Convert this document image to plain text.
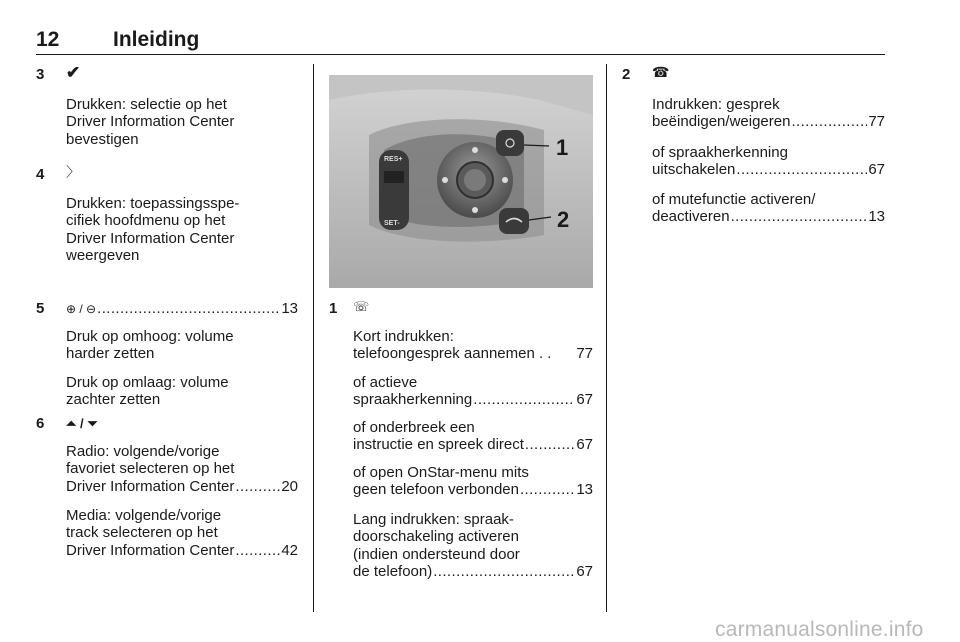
12	Inleiding
3 ✔
Drukken: selectie op het
Driver Information Center
bevestigen
4 〉
Drukken: toepassingsspe-
cifiek hoofdmenu op het
Driver Information Center
weergeven
5 ⊕ / ⊖ .....	13
Druk op omhoog: volume
harder zetten
Druk op omlaag: volume
zachter zetten
6 ⏶ / ⏷
Radio: volgende/vorige
favoriet selecteren op het
Driver Information Center .....	20
Media: volgende/vorige
track selecteren op het
Driver Information Center .....	42
RES+
SET-
1
2
1 ☏
Kort indrukken:
telefoongesprek aannemen . . 77
of actieve
spraakherkenning .....	67
of onderbreek een
instructie en spreek direct .....	67
of open OnStar-menu mits
geen telefoon verbonden .....	13
Lang indrukken: spraak-
doorschakeling activeren
(indien ondersteund door
de telefoon) .....	67
2 ☎
Indrukken: gesprek
beëindigen/weigeren .....	77
of spraakherkenning
uitschakelen .....	67
of mutefunctie activeren/
deactiveren .....	13
carmanualsonline.info
